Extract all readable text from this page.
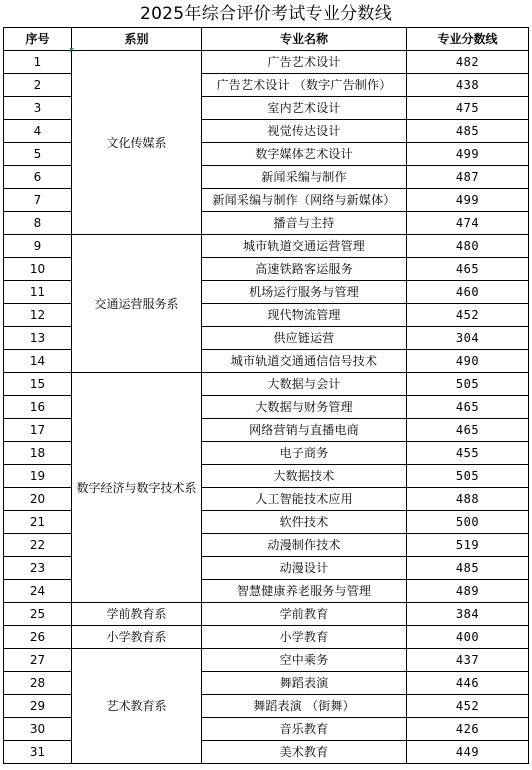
2025年综合评价考试专业分数线
序号	系别	专业名称	专业分数线
1	文化传媒系	广告艺术设计	482
2		广告艺术设计 （数字广告制作）	438
3		室内艺术设计	475
4		视觉传达设计	485
5		数字媒体艺术设计	499
6		新闻采编与制作	487
7		新闻采编与制作（网络与新媒体）	499
8		播音与主持	474
9	交通运营服务系	城市轨道交通运营管理	480
10		高速铁路客运服务	465
11		机场运行服务与管理	460
12		现代物流管理	452
13		供应链运营	304
14		城市轨道交通通信信号技术	490
15	数字经济与数字技术系	大数据与会计	505
16		大数据与财务管理	465
17		网络营销与直播电商	465
18		电子商务	455
19		大数据技术	505
20		人工智能技术应用	488
21		软件技术	500
22		动漫制作技术	519
23		动漫设计	485
24		智慧健康养老服务与管理	489
25	学前教育系	学前教育	384
26	小学教育系	小学教育	400
27	艺术教育系	空中乘务	437
28		舞蹈表演	446
29		舞蹈表演 （街舞）	452
30		音乐教育	426
31		美术教育	449
